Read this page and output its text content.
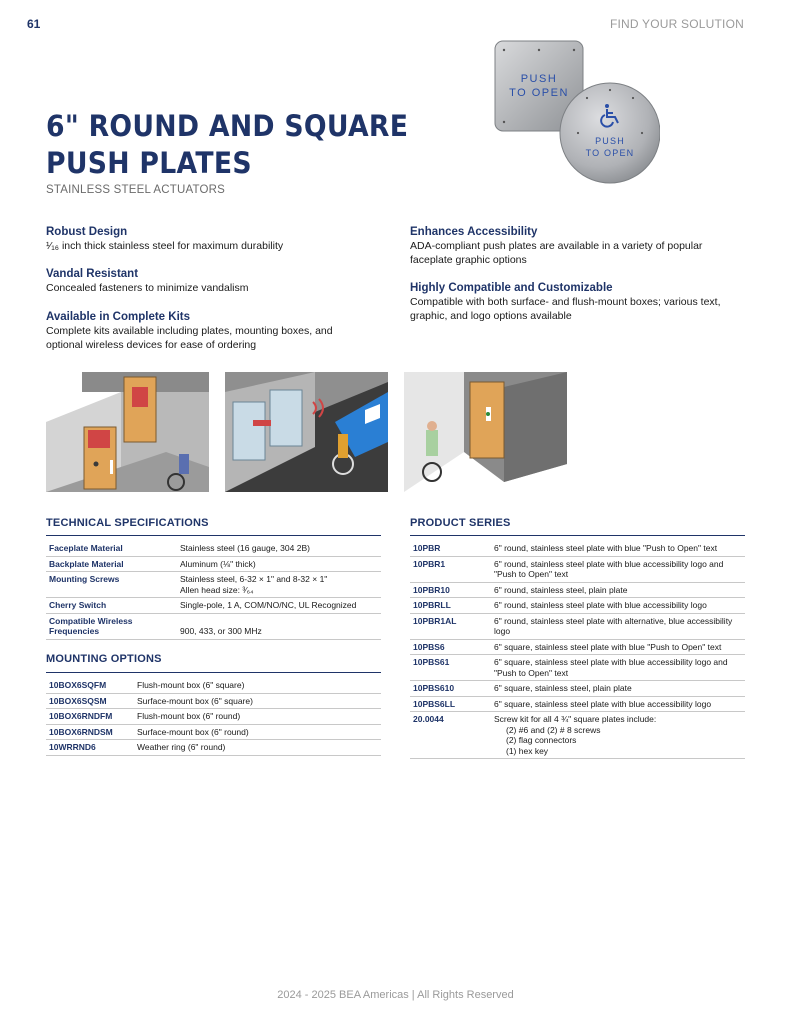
61	FIND YOUR SOLUTION
PUSH
TO OPEN
PUSH
TO OPEN
6" ROUND AND SQUARE
PUSH PLATES
STAINLESS STEEL ACTUATORS
Robust Design

¹⁄₁₆ inch thick stainless steel for maximum durability

Vandal Resistant

Concealed fasteners to minimize vandalism

Available in Complete Kits

Complete kits available including plates, mounting boxes, and optional wireless devices for ease of ordering

Enhances Accessibility

ADA-compliant push plates are available in a variety of popular faceplate graphic options

Highly Compatible and Customizable

Compatible with both surface- and flush-mount boxes; various text, graphic, and logo options available

TECHNICAL SPECIFICATIONS
Faceplate Material	Stainless steel (16 gauge, 304 2B)
Backplate Material	Aluminum (⅛" thick)
Mounting Screws	Stainless steel, 6-32 × 1" and 8-32 × 1"
Allen head size: ³⁄₆₄

Cherry Switch	Single-pole, 1 A, COM/NO/NC, UL Recognized
Compatible Wireless Frequencies	900, 433, or 300 MHz
MOUNTING OPTIONS
10BOX6SQFM	Flush-mount box (6" square)
10BOX6SQSM	Surface-mount box (6" square)
10BOX6RNDFM	Flush-mount box (6" round)
10BOX6RNDSM	Surface-mount box (6" round)
10WRRND6	Weather ring (6" round)
PRODUCT SERIES
10PBR	6" round, stainless steel plate with blue "Push to Open" text
10PBR1	6" round, stainless steel plate with blue accessibility logo and "Push to Open" text
10PBR10	6" round, stainless steel, plain plate
10PBRLL	6" round, stainless steel plate with blue accessibility logo
10PBR1AL	6" round, stainless steel plate with alternative, blue accessibility logo
10PBS6	6" square, stainless steel plate with blue "Push to Open" text
10PBS61	6" square, stainless steel plate with blue accessibility logo and "Push to Open" text
10PBS610	6" square, stainless steel, plain plate
10PBS6LL	6" square, stainless steel plate with blue accessibility logo
20.0044	Screw kit for all 4 ¾" square plates include:
(2) #6 and (2) # 8 screws
(2) flag connectors
(1) hex key
2024 - 2025 BEA Americas | All Rights Reserved
